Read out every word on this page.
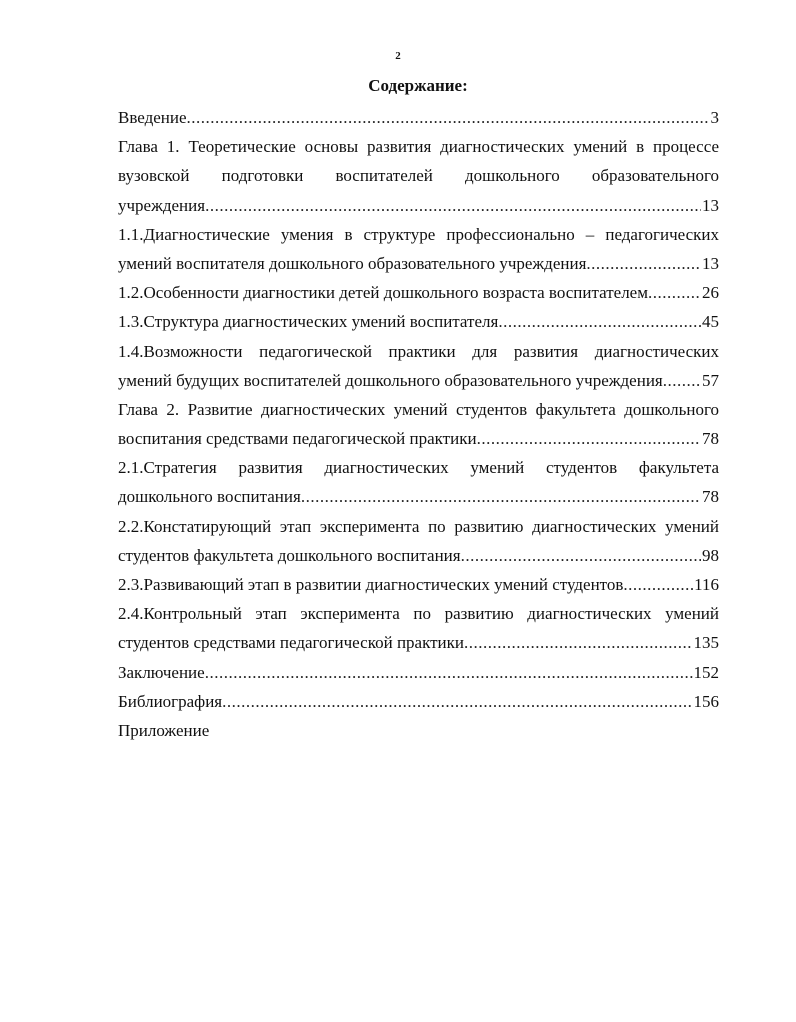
2
Содержание:
Введение .....	3
Глава 1. Теоретические основы развития диагностических умений в процессе
вузовской подготовки воспитателей дошкольного образовательного
учреждения .....	13
1.1.Диагностические умения в структуре профессионально – педагогических
умений воспитателя дошкольного образовательного учреждения .....	13
1.2.Особенности диагностики детей дошкольного возраста воспитателем .....	26
1.3.Структура диагностических умений воспитателя .....	45
1.4.Возможности педагогической практики для развития диагностических
умений будущих воспитателей дошкольного образовательного учреждения ..... 57
Глава 2. Развитие диагностических умений студентов факультета дошкольного
воспитания средствами педагогической практики .....	78
2.1.Стратегия развития диагностических умений студентов факультета
дошкольного воспитания .....	78
2.2.Констатирующий этап эксперимента по развитию диагностических умений
студентов факультета дошкольного воспитания .....	98
2.3.Развивающий этап в развитии диагностических умений студентов .....	116
2.4.Контрольный этап эксперимента по развитию диагностических умений
студентов средствами педагогической практики .....	135
Заключение .....	152
Библиография .....	156
Приложение
